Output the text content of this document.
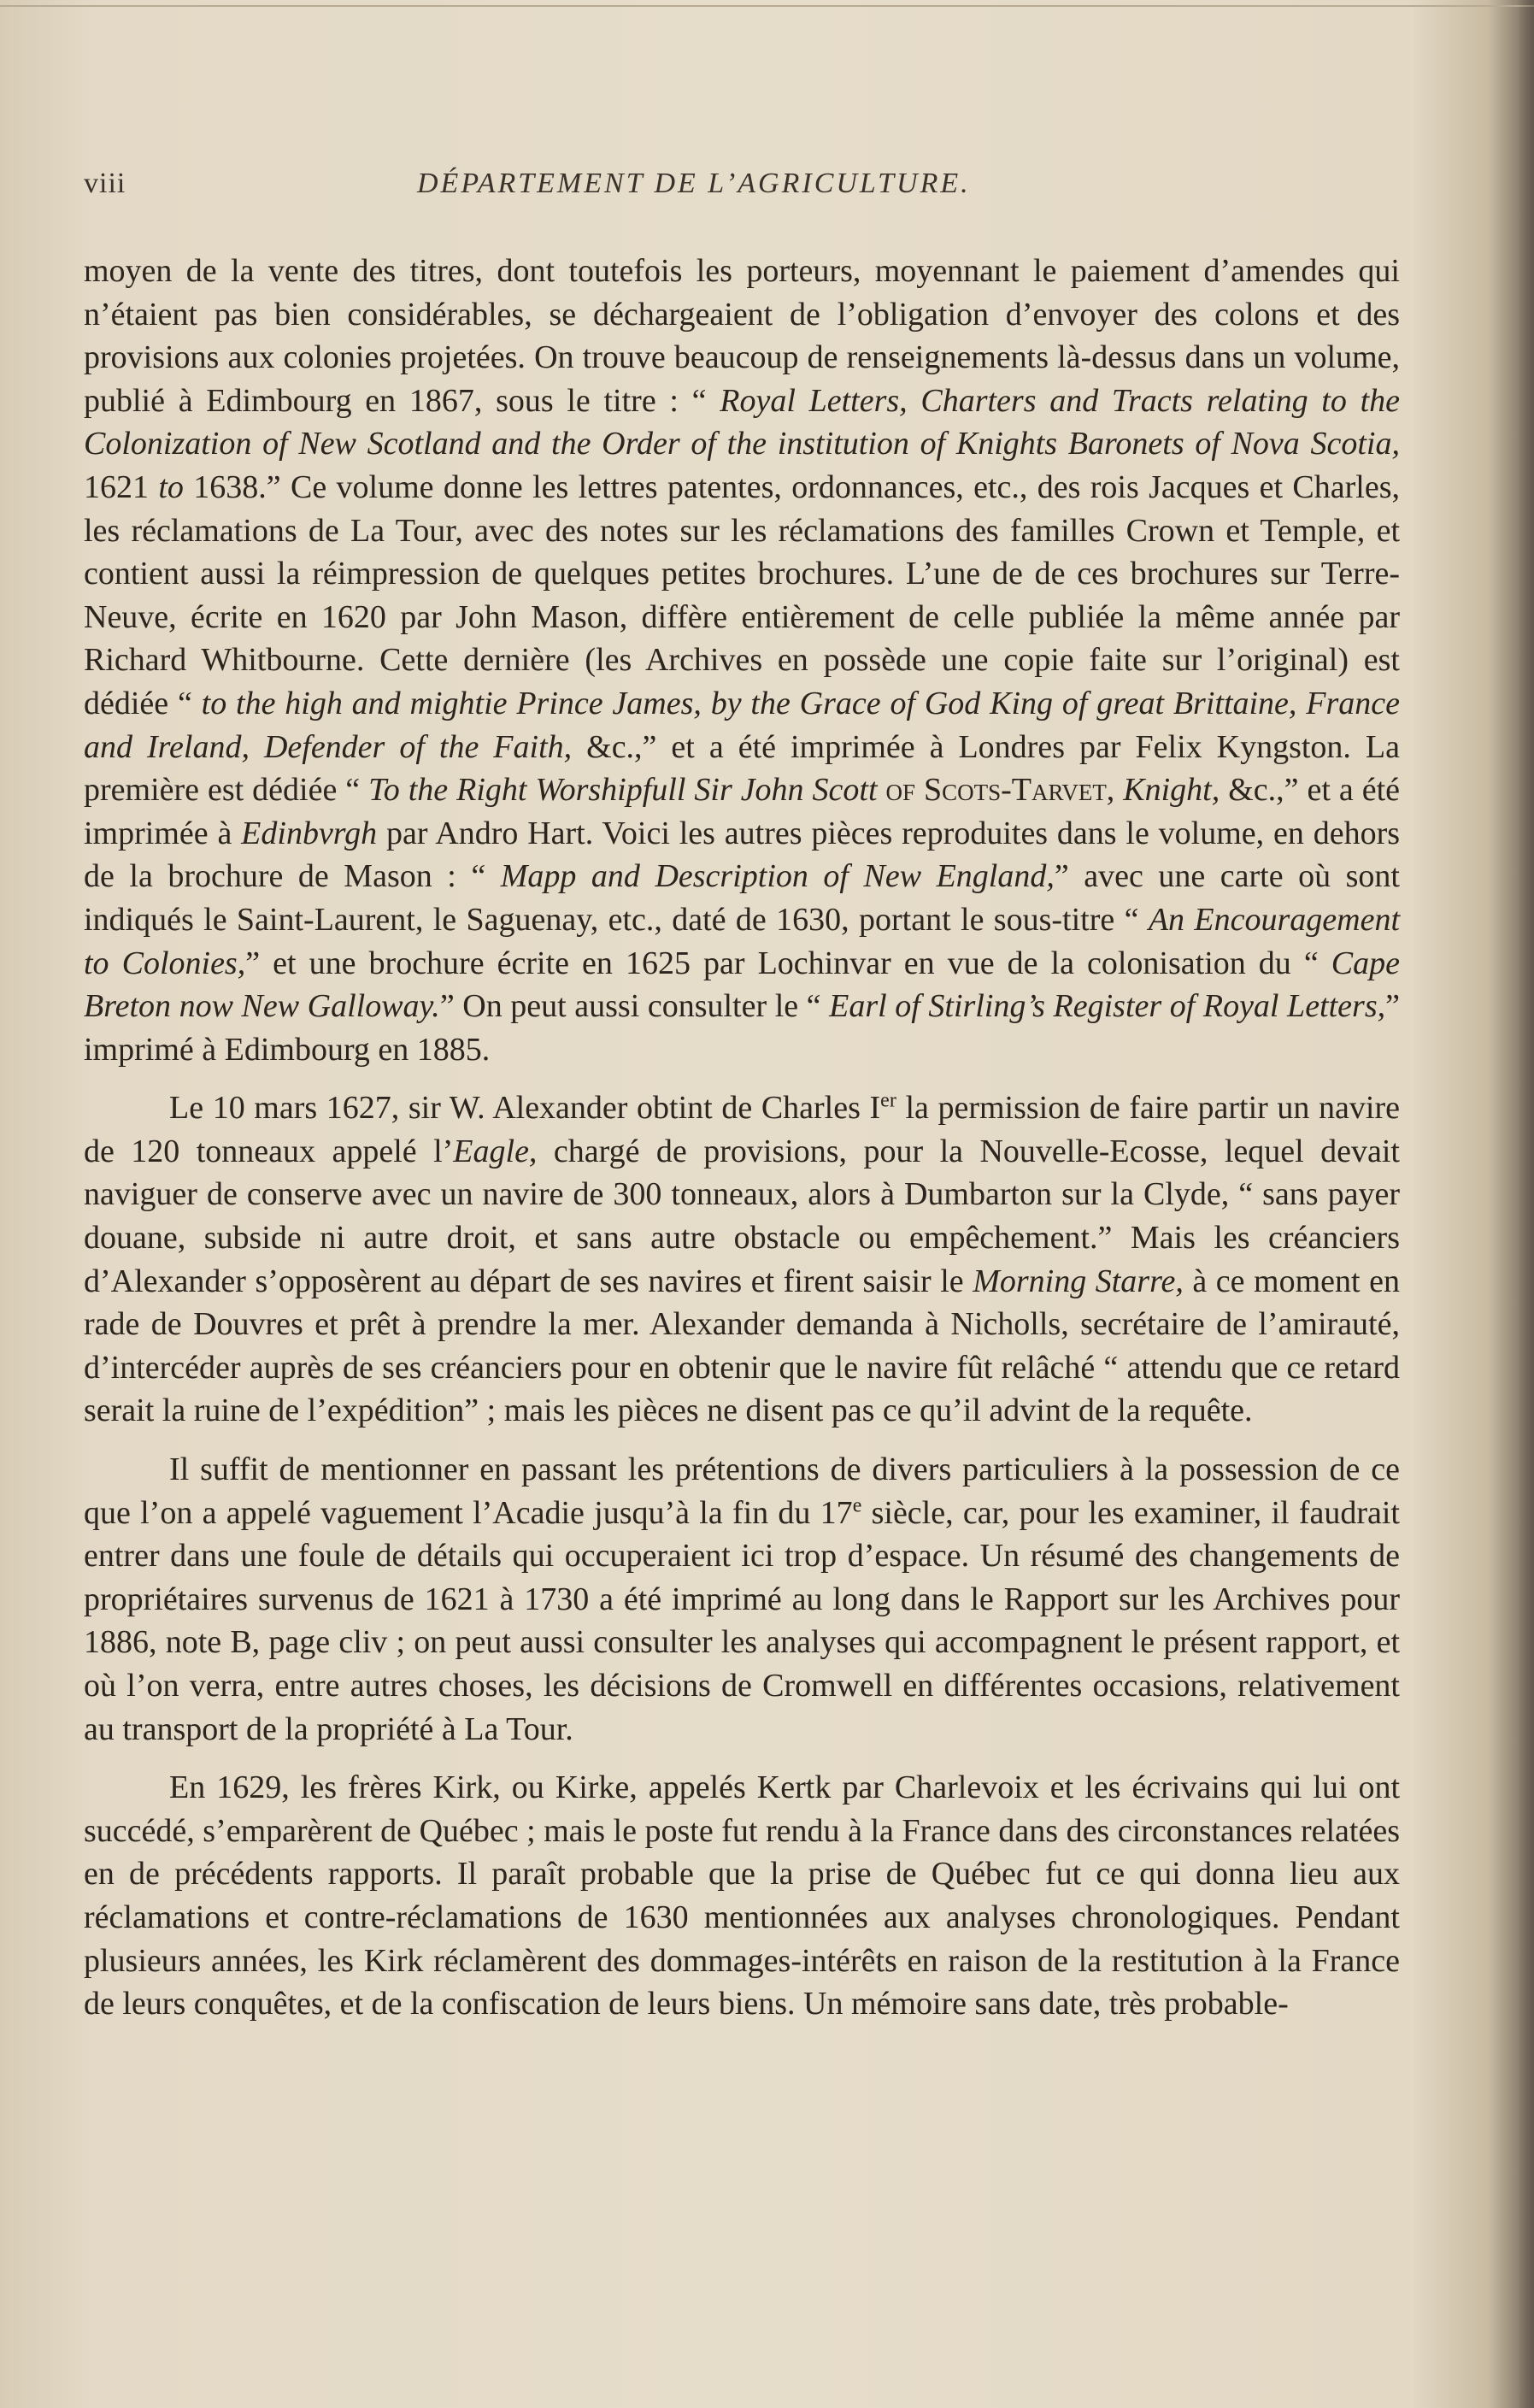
viii	DÉPARTEMENT DE L’AGRICULTURE.

moyen de la vente des titres, dont toutefois les porteurs, moyennant le paiement d’amendes qui n’étaient pas bien considérables, se déchargeaient de l’obligation d’envoyer des colons et des provisions aux colonies projetées. On trouve beaucoup de renseignements là-dessus dans un volume, publié à Edimbourg en 1867, sous le titre : “ Royal Letters, Charters and Tracts relating to the Colonization of New Scotland and the Order of the institution of Knights Baronets of Nova Scotia, 1621 to 1638.” Ce volume donne les lettres patentes, ordonnances, etc., des rois Jacques et Charles, les réclamations de La Tour, avec des notes sur les réclamations des familles Crown et Temple, et contient aussi la réimpression de quelques petites brochures. L’une de de ces brochures sur Terre-Neuve, écrite en 1620 par John Mason, diffère entièrement de celle publiée la même année par Richard Whitbourne. Cette dernière (les Archives en possède une copie faite sur l’original) est dédiée “ to the high and mightie Prince James, by the Grace of God King of great Brittaine, France and Ireland, Defender of the Faith, &c.,” et a été imprimée à Londres par Felix Kyngston. La première est dédiée “ To the Right Worshipfull Sir John Scott of Scots-Tarvet, Knight, &c.,” et a été imprimée à Edinbvrgh par Andro Hart. Voici les autres pièces reproduites dans le volume, en dehors de la brochure de Mason : “ Mapp and Description of New England,” avec une carte où sont indiqués le Saint-Laurent, le Saguenay, etc., daté de 1630, portant le sous-titre “ An Encouragement to Colonies,” et une brochure écrite en 1625 par Lochinvar en vue de la colonisation du “ Cape Breton now New Galloway.” On peut aussi consulter le “ Earl of Stirling’s Register of Royal Letters,” imprimé à Edimbourg en 1885.

Le 10 mars 1627, sir W. Alexander obtint de Charles Ier la permission de faire partir un navire de 120 tonneaux appelé l’Eagle, chargé de provisions, pour la Nouvelle-Ecosse, lequel devait naviguer de conserve avec un navire de 300 tonneaux, alors à Dumbarton sur la Clyde, “ sans payer douane, subside ni autre droit, et sans autre obstacle ou empêchement.” Mais les créanciers d’Alexander s’opposèrent au départ de ses navires et firent saisir le Morning Starre, à ce moment en rade de Douvres et prêt à prendre la mer. Alexander demanda à Nicholls, secrétaire de l’amirauté, d’intercéder auprès de ses créanciers pour en obtenir que le navire fût relâché “ attendu que ce retard serait la ruine de l’expédition” ; mais les pièces ne disent pas ce qu’il advint de la requête.

Il suffit de mentionner en passant les prétentions de divers particuliers à la possession de ce que l’on a appelé vaguement l’Acadie jusqu’à la fin du 17e siècle, car, pour les examiner, il faudrait entrer dans une foule de détails qui occuperaient ici trop d’espace. Un résumé des changements de propriétaires survenus de 1621 à 1730 a été imprimé au long dans le Rapport sur les Archives pour 1886, note B, page cliv ; on peut aussi consulter les analyses qui accompagnent le présent rapport, et où l’on verra, entre autres choses, les décisions de Cromwell en différentes occasions, relativement au transport de la propriété à La Tour.

En 1629, les frères Kirk, ou Kirke, appelés Kertk par Charlevoix et les écrivains qui lui ont succédé, s’emparèrent de Québec ; mais le poste fut rendu à la France dans des circonstances relatées en de précédents rapports. Il paraît probable que la prise de Québec fut ce qui donna lieu aux réclamations et contre-réclamations de 1630 mentionnées aux analyses chronologiques. Pendant plusieurs années, les Kirk réclamèrent des dommages-intérêts en raison de la restitution à la France de leurs conquêtes, et de la confiscation de leurs biens. Un mémoire sans date, très probable-
